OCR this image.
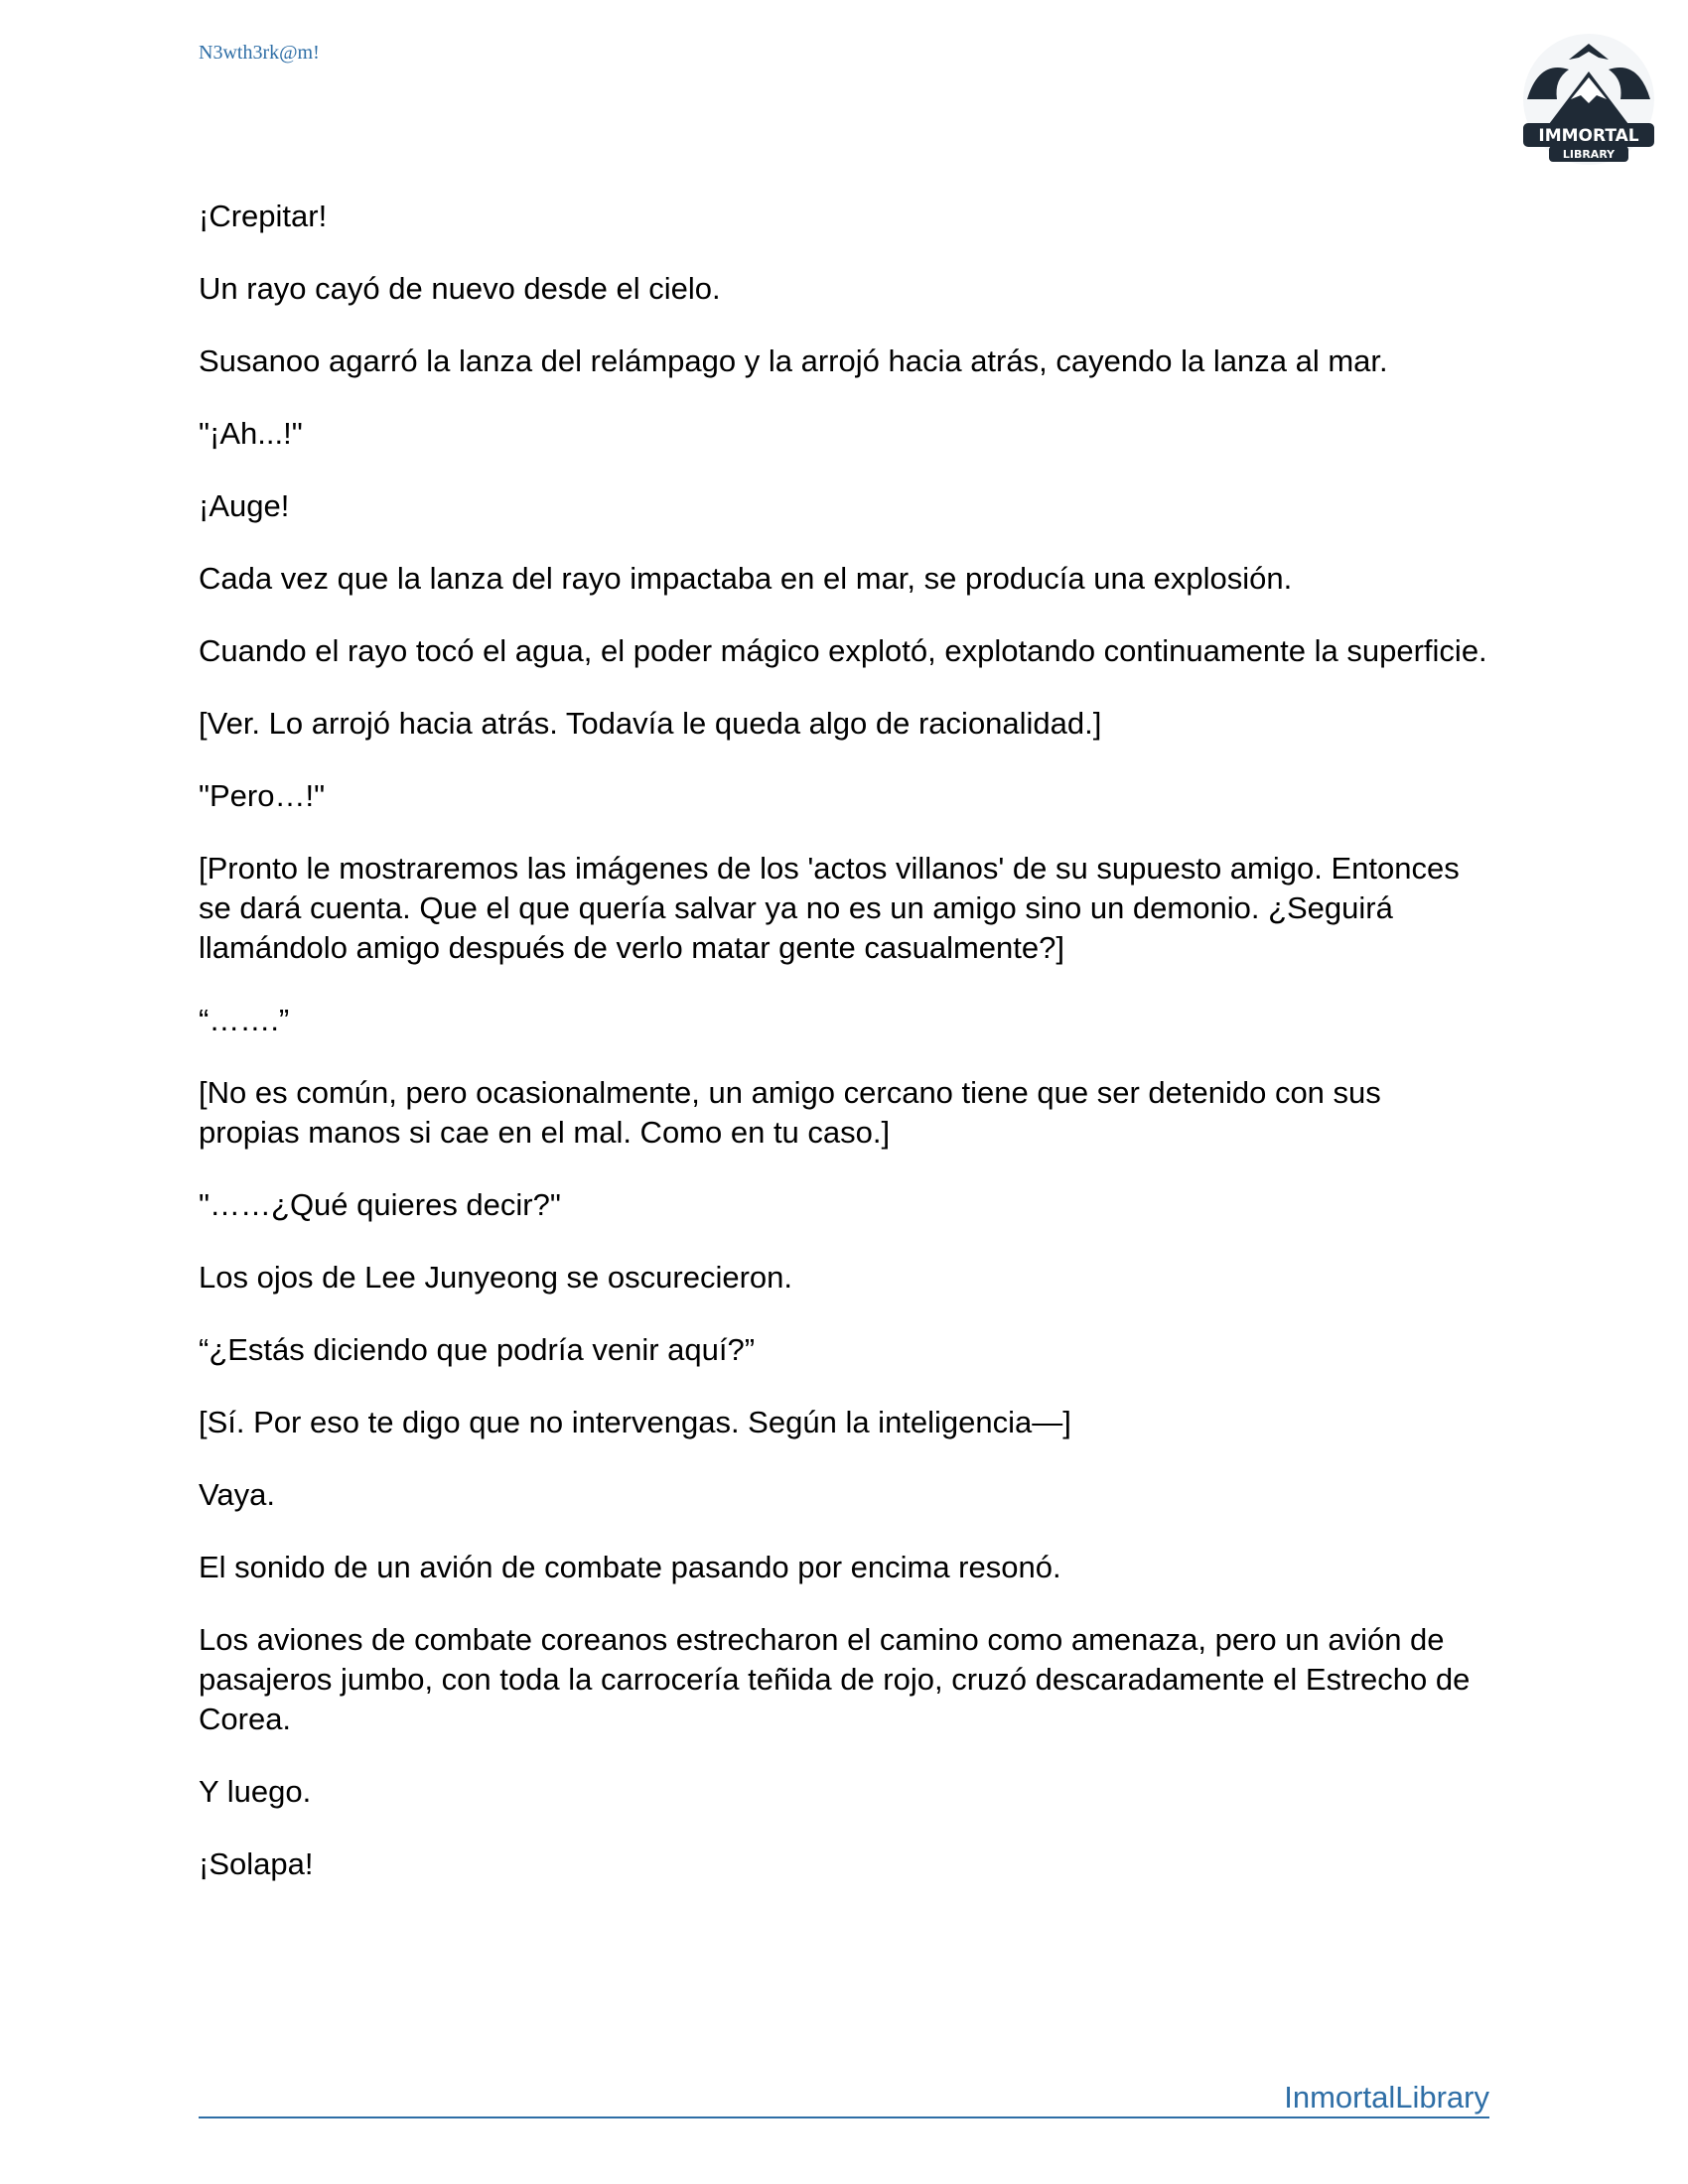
N3wth3rk@m!
IMMORTAL
LIBRARY

¡Crepitar!

Un rayo cayó de nuevo desde el cielo.

Susanoo agarró la lanza del relámpago y la arrojó hacia atrás, cayendo la lanza al mar.

"¡Ah...!"

¡Auge!

Cada vez que la lanza del rayo impactaba en el mar, se producía una explosión.

Cuando el rayo tocó el agua, el poder mágico explotó, explotando continuamente la superficie.

[Ver. Lo arrojó hacia atrás. Todavía le queda algo de racionalidad.]

"Pero…!"

[Pronto le mostraremos las imágenes de los 'actos villanos' de su supuesto amigo. Entonces se dará cuenta. Que el que quería salvar ya no es un amigo sino un demonio. ¿Seguirá llamándolo amigo después de verlo matar gente casualmente?]

“…….”

[No es común, pero ocasionalmente, un amigo cercano tiene que ser detenido con sus propias manos si cae en el mal. Como en tu caso.]

"……¿Qué quieres decir?"

Los ojos de Lee Junyeong se oscurecieron.

“¿Estás diciendo que podría venir aquí?”

[Sí. Por eso te digo que no intervengas. Según la inteligencia—]

Vaya.

El sonido de un avión de combate pasando por encima resonó.

Los aviones de combate coreanos estrecharon el camino como amenaza, pero un avión de pasajeros jumbo, con toda la carrocería teñida de rojo, cruzó descaradamente el Estrecho de Corea.

Y luego.

¡Solapa!

InmortalLibrary
